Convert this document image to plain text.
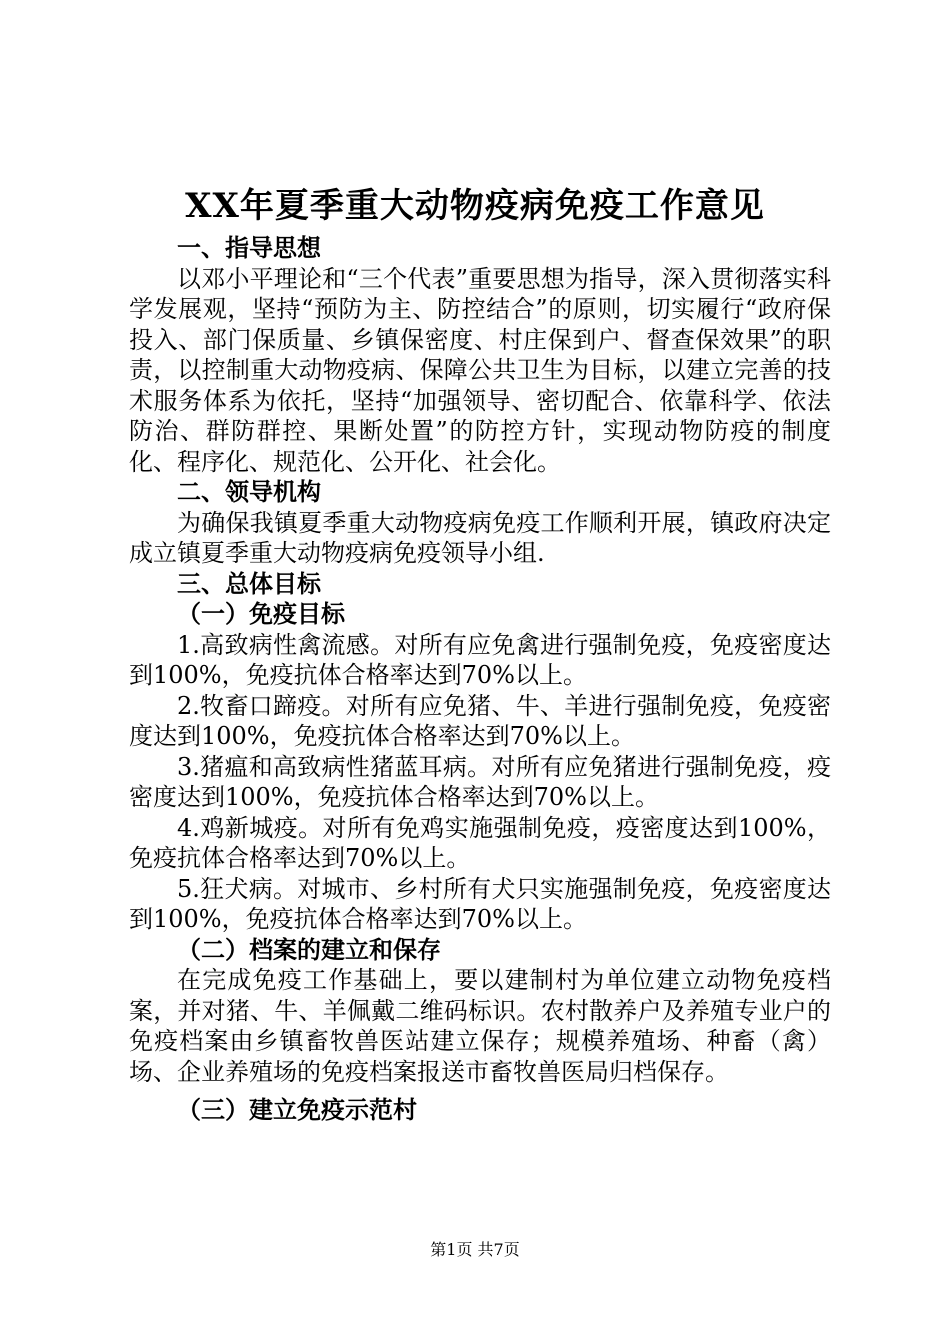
XX年夏季重大动物疫病免疫工作意见

一、指导思想

以邓小平理论和“三个代表”重要思想为指导，深入贯彻落实科学发展观，坚持“预防为主、防控结合”的原则，切实履行“政府保投入、部门保质量、乡镇保密度、村庄保到户、督查保效果”的职责，以控制重大动物疫病、保障公共卫生为目标，以建立完善的技术服务体系为依托，坚持“加强领导、密切配合、依靠科学、依法防治、群防群控、果断处置”的防控方针，实现动物防疫的制度化、程序化、规范化、公开化、社会化。

二、领导机构

为确保我镇夏季重大动物疫病免疫工作顺利开展，镇政府决定成立镇夏季重大动物疫病免疫领导小组.

三、总体目标

（一）免疫目标

1.高致病性禽流感。对所有应免禽进行强制免疫，免疫密度达到100%，免疫抗体合格率达到70%以上。

2.牧畜口蹄疫。对所有应免猪、牛、羊进行强制免疫，免疫密度达到100%，免疫抗体合格率达到70%以上。

3.猪瘟和高致病性猪蓝耳病。对所有应免猪进行强制免疫，疫密度达到100%，免疫抗体合格率达到70%以上。

4.鸡新城疫。对所有免鸡实施强制免疫，疫密度达到100%，免疫抗体合格率达到70%以上。

5.狂犬病。对城市、乡村所有犬只实施强制免疫，免疫密度达到100%，免疫抗体合格率达到70%以上。

（二）档案的建立和保存

在完成免疫工作基础上，要以建制村为单位建立动物免疫档案，并对猪、牛、羊佩戴二维码标识。农村散养户及养殖专业户的免疫档案由乡镇畜牧兽医站建立保存；规模养殖场、种畜（禽）场、企业养殖场的免疫档案报送市畜牧兽医局归档保存。

（三）建立免疫示范村

第1页 共7页
